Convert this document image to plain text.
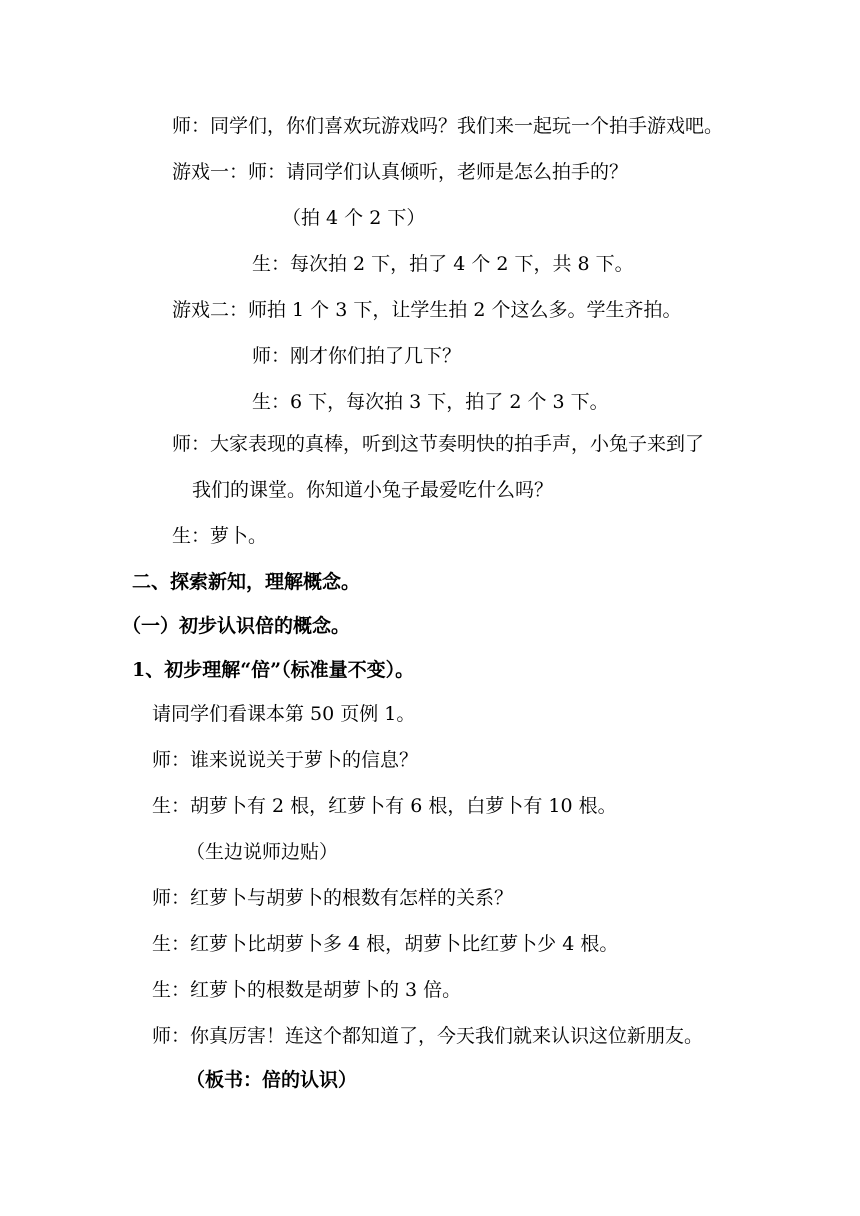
师：同学们，你们喜欢玩游戏吗？我们来一起玩一个拍手游戏吧。

游戏一：师：请同学们认真倾听，老师是怎么拍手的？

（拍 4 个 2 下）

生：每次拍 2 下，拍了 4 个 2 下，共 8 下。

游戏二：师拍 1 个 3 下，让学生拍 2 个这么多。学生齐拍。

师：刚才你们拍了几下？

生：6 下，每次拍 3 下，拍了 2 个 3 下。

师：大家表现的真棒，听到这节奏明快的拍手声，小兔子来到了

我们的课堂。你知道小兔子最爱吃什么吗？

生：萝卜。

二、探索新知，理解概念。

（一）初步认识倍的概念。

1、初步理解“倍”（标准量不变）。

请同学们看课本第 50 页例 1。

师：谁来说说关于萝卜的信息？

生：胡萝卜有 2 根，红萝卜有 6 根，白萝卜有 10 根。

（生边说师边贴）

师：红萝卜与胡萝卜的根数有怎样的关系？

生：红萝卜比胡萝卜多 4 根，胡萝卜比红萝卜少 4 根。

生：红萝卜的根数是胡萝卜的 3 倍。

师：你真厉害！连这个都知道了，今天我们就来认识这位新朋友。

（板书：倍的认识）
